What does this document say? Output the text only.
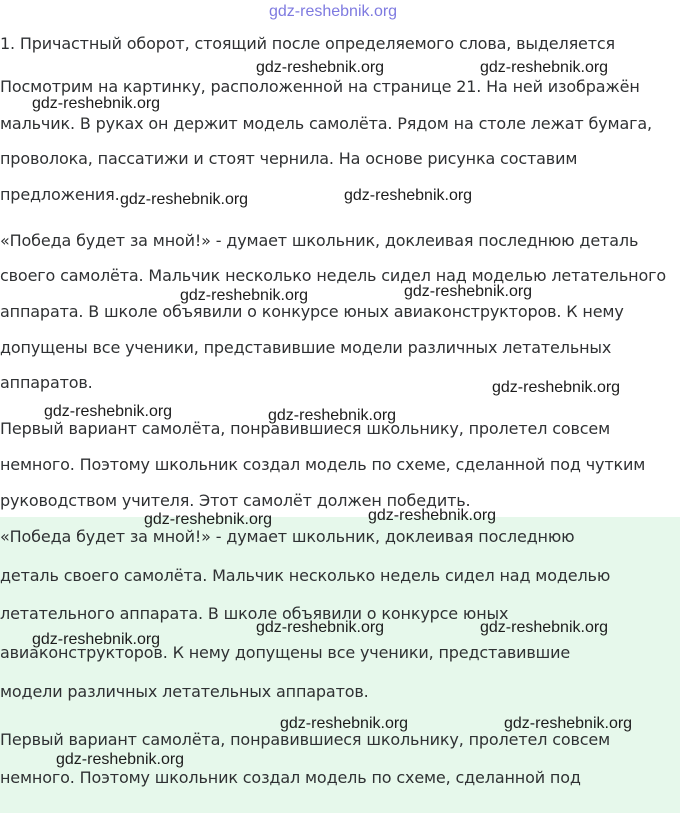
gdz-reshebnik.org
1. Причастный оборот, стоящий после определяемого слова, выделяется
Посмотрим на картинку, расположенной на странице 21. На ней изображён
мальчик. В руках он держит модель самолёта. Рядом на столе лежат бумага,
проволока, пассатижи и стоят чернила. На основе рисунка составим
предложения.
«Победа будет за мной!» - думает школьник, доклеивая последнюю деталь
своего самолёта. Мальчик несколько недель сидел над моделью летательного
аппарата. В школе объявили о конкурсе юных авиаконструкторов. К нему
допущены все ученики, представившие модели различных летательных
аппаратов.
Первый вариант самолёта, понравившиеся школьнику, пролетел совсем
немного. Поэтому школьник создал модель по схеме, сделанной под чутким
руководством учителя. Этот самолёт должен победить.
«Победа будет за мной!» - думает школьник, доклеивая последнюю
деталь своего самолёта. Мальчик несколько недель сидел над моделью
летательного аппарата. В школе объявили о конкурсе юных
авиаконструкторов. К нему допущены все ученики, представившие
модели различных летательных аппаратов.
Первый вариант самолёта, понравившиеся школьнику, пролетел совсем
немного. Поэтому школьник создал модель по схеме, сделанной под
gdz-reshebnik.org	gdz-reshebnik.org
gdz-reshebnik.org
gdz-reshebnik.org	gdz-reshebnik.org
gdz-reshebnik.org	gdz-reshebnik.org
gdz-reshebnik.org
gdz-reshebnik.org	gdz-reshebnik.org
gdz-reshebnik.org	gdz-reshebnik.org
gdz-reshebnik.org
gdz-reshebnik.org	gdz-reshebnik.org
gdz-reshebnik.org	gdz-reshebnik.org
gdz-reshebnik.org
